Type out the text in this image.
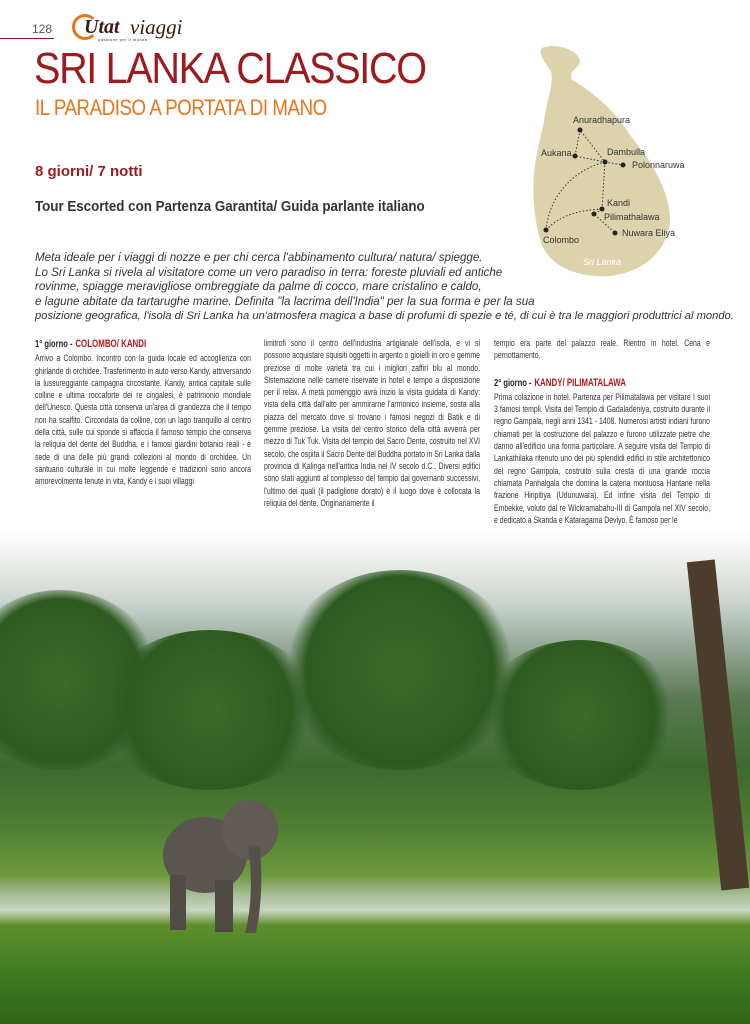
128 Utat viaggi
passione per il mondo
SRI LANKA CLASSICO
IL PARADISO A PORTATA DI MANO
8 giorni/ 7 notti
Tour Escorted con Partenza Garantita/ Guida parlante italiano
Meta ideale per i viaggi di nozze e per chi cerca l'abbinamento cultura/ natura/ spiegge.
Lo Sri Lanka si rivela al visitatore come un vero paradiso in terra: foreste pluviali ed antiche
rovinme, spiagge meravigliose ombreggiate da palme di cocco, mare cristalino e caldo,
e lagune abitate da tartarughe marine. Definita "la lacrima dell'India" per la sua forma e per la sua
posizione geografica, l'isola di Sri Lanka ha un'atmosfera magica a base di profumi di spezie e té, di cui è tra le maggiori produttrici al mondo.
Anuradhapura
Aukana	Dambulla
Polonnaruwa
Kandi
Pilimathalawa
Nuwara Eliya
Colombo
Sri Lanka
1° giorno - COLOMBO/ KANDI

Arrivo a Colombo. Incontro con la guida locale ed accoglienza con ghirlande di orchidee. Trasferimento in auto verso Kandy, attrversando la lussureggiante campagna circostante. Kandy, antica capitale sulle colline e ultima roccaforte dei re cingalesi, è patrimonio mondiale dell'Unesco. Questa città conserva un'area di grandezza che il tempo non ha scalfito. Circondata da colline, con un lago tranquillo al centro della città, sulle cui sponde si affaccia il famoso tempio che conserva la reliquia del dente del Buddha, e i famosi giardini botanici reali - è sede di una delle più grandi collezioni al mondo di orchidee. Un santuario culturale in cui molte leggende e tradizioni sono ancora amorevolmente tenute in vita, Kandy e i suoi villaggi

limitrofi sono il centro dell'industria artigianale dell'isola, e vi si possono acquistare squisiti oggetti in argento o gioielli in oro e gemme preziose di molte varietà tra cui i migliori zaffiri blu al mondo. Sistemazione nelle camere riservate in hotel e tempo a disposizione per il relax. A metà pomeriggio avrà inizio la visita guidata di Kandy: vista della città dall'alto per ammirarne l'armonico insieme, sosta alla piazza del mercato dove si trovano i famosi negozi di Batik e di gemme preziose. La visita del centro storico della città avverrà per mezzo di Tuk Tuk. Visita del tempio del Sacro Dente, costruito nel XVI secolo, che ospita il Sacro Dente del Buddha portato in Sri Lanka dalla provincia di Kalinga nell'antica India nel IV secolo d.C.. Diversi edifici sono stati aggiunti al complesso del tempio dai governanti successivi, l'ultimo dei quali (il padiglione dorato) è il luogo dove è collocata la reliquia del dente. Originariamente il

tempio era parte del palazzo reale. Rientro in hotel. Cena e pernottamento.

2° giorno - KANDY/ PILIMATALAWA

Prima colazione in hotel. Partenza per Pilimatalawa per visitare I suoi 3 famosi templi. Visita del Tempio di Gadaladeniya, costruito durante il regno Gampala, negli anni 1341 - 1408. Numerosi artisti indiani furono chiamati per la costruzione del palazzo e furono utilizzate pietre che danno all'edificio una forma particolare. A seguire visita del Tempio di Lankathilaka ritenuto uno dei più splendidi edifici in stile architettonico del regno Gampola, costruito sulla cresta di una grande roccia chiamata Panhalgala che domina la catena montuosa Hantane nella frazione Hiripitiya (Udunuwara). Ed infine visita del Tempio di Embekke, voluto dal re Wickramabahu-III di Gampola nel XIV secolo, e dedicato a Skanda e Kataragama Deviyo. È famoso per le
